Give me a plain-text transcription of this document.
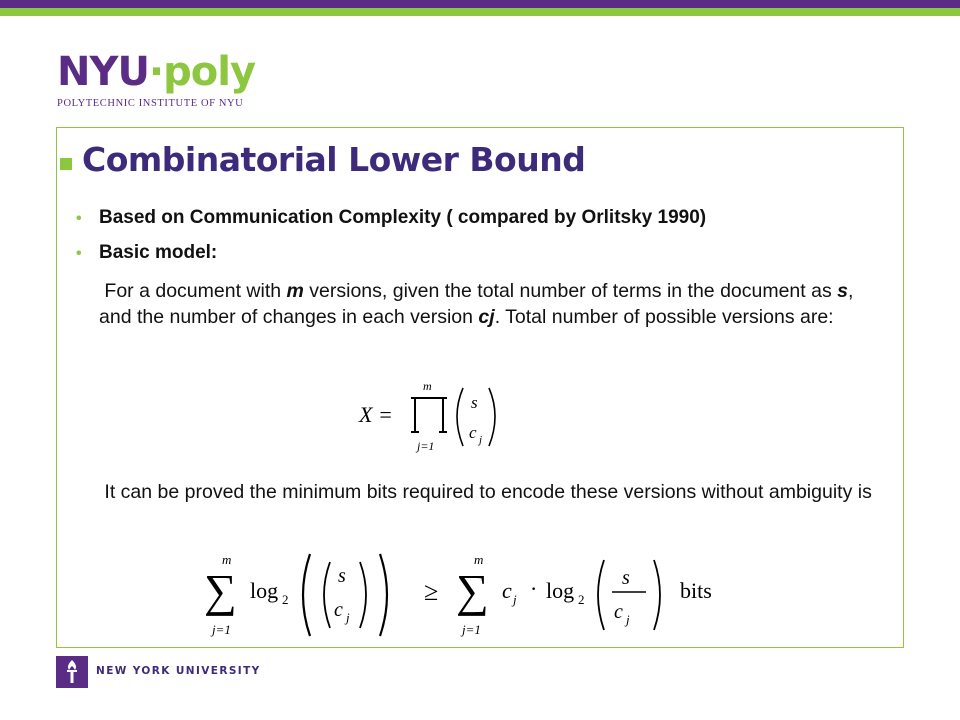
NYU·poly
POLYTECHNIC INSTITUTE OF NYU
Combinatorial Lower Bound
• Based on Communication Complexity ( compared by Orlitsky 1990)
• Basic model:
For a document with m versions, given the total number of terms in the document as s, and the number of changes in each version cj. Total number of possible versions are:
X =
m
j=1
s
c j
It can be proved the minimum bits required to encode these versions without ambiguity is
m
∑
j=1
log 2
s
c j
≥
m
∑
j=1
c j · log 2
s
c j
bits
NEW YORK UNIVERSITY
